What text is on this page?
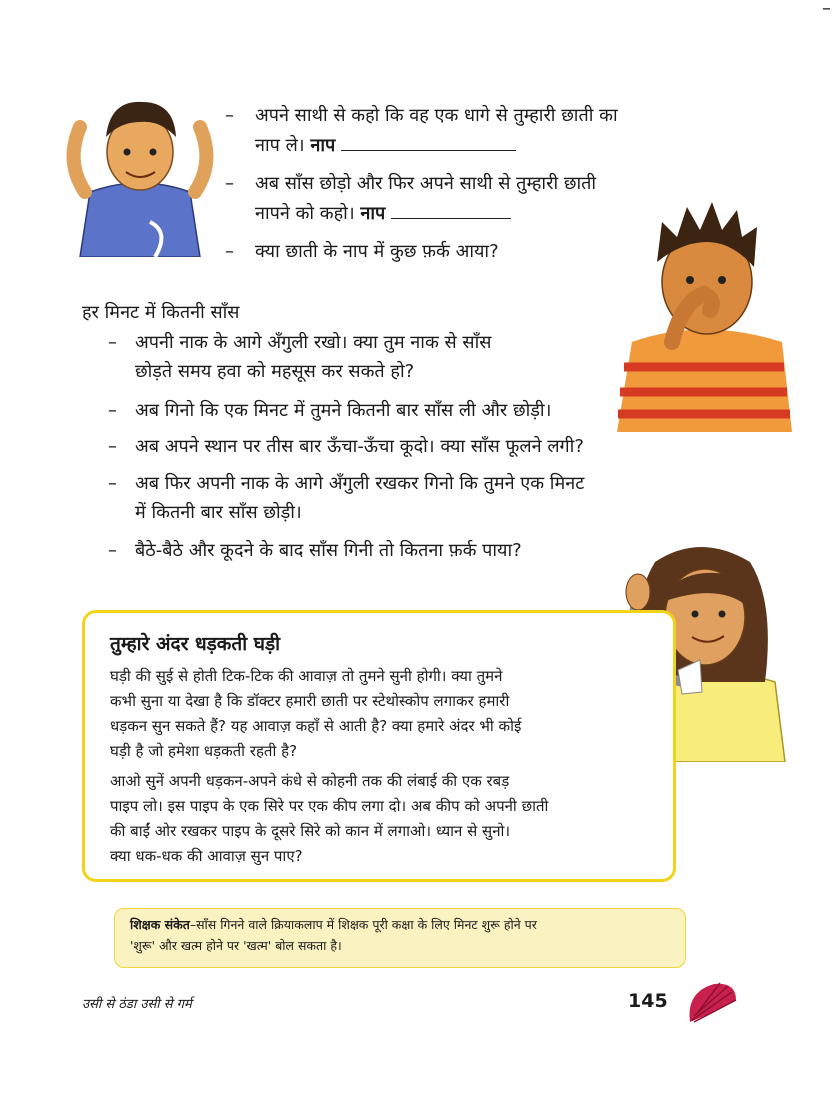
–
– अपने साथी से कहो कि वह एक धागे से तुम्हारी छाती का
नाप ले। नाप
– अब साँस छोड़ो और फिर अपने साथी से तुम्हारी छाती
नापने को कहो। नाप
– क्या छाती के नाप में कुछ फ़र्क आया?
हर मिनट में कितनी साँस
– अपनी नाक के आगे अँगुली रखो। क्या तुम नाक से साँस
छोड़ते समय हवा को महसूस कर सकते हो?
– अब गिनो कि एक मिनट में तुमने कितनी बार साँस ली और छोड़ी।
– अब अपने स्थान पर तीस बार ऊँचा-ऊँचा कूदो। क्या साँस फूलने लगी?
– अब फिर अपनी नाक के आगे अँगुली रखकर गिनो कि तुमने एक मिनट
में कितनी बार साँस छोड़ी।
– बैठे-बैठे और कूदने के बाद साँस गिनी तो कितना फ़र्क पाया?
तुम्हारे अंदर धड़कती घड़ी
घड़ी की सुई से होती टिक-टिक की आवाज़ तो तुमने सुनी होगी। क्या तुमने
कभी सुना या देखा है कि डॉक्टर हमारी छाती पर स्टेथोस्कोप लगाकर हमारी
धड़कन सुन सकते हैं? यह आवाज़ कहाँ से आती है? क्या हमारे अंदर भी कोई
घड़ी है जो हमेशा धड़कती रहती है?
आओ सुनें अपनी धड़कन-अपने कंधे से कोहनी तक की लंबाई की एक रबड़
पाइप लो। इस पाइप के एक सिरे पर एक कीप लगा दो। अब कीप को अपनी छाती
की बाईं ओर रखकर पाइप के दूसरे सिरे को कान में लगाओ। ध्यान से सुनो।
क्या धक-धक की आवाज़ सुन पाए?
शिक्षक संकेत–साँस गिनने वाले क्रियाकलाप में शिक्षक पूरी कक्षा के लिए मिनट शुरू होने पर
'शुरू' और खत्म होने पर 'खत्म' बोल सकता है।
उसी से ठंडा उसी से गर्म	145
